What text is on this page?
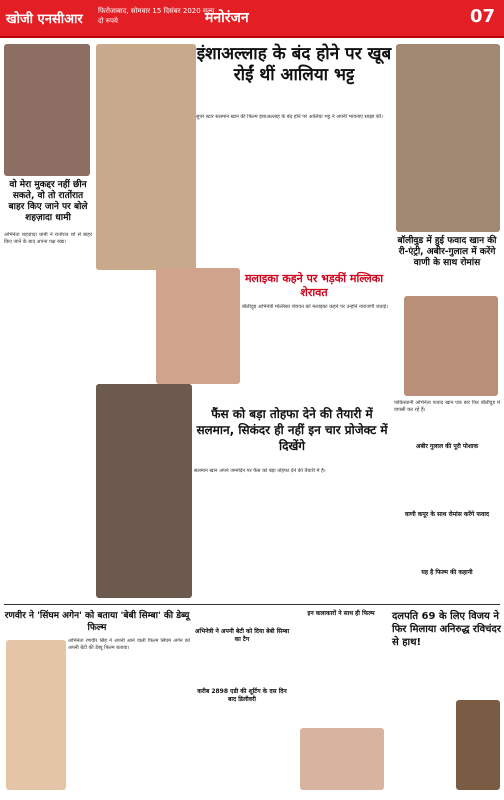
खोजी एनसीआर
फिरोजाबाद, सोमवार 15 दिसंबर 2020 मूल्य दो रुपये	मनोरंजन	07
वो मेरा मुकद्दर नहीं छीन सकते, वो तो रातोंरात बाहर किए जाने पर बोले शहज़ादा धामी
अभिनेता शहज़ादा धामी ने रातोंरात शो से बाहर किए जाने के बाद अपना पक्ष रखा।
इंशाअल्लाह के बंद होने पर खूब रोईं थीं आलिया भट्ट
सुपर स्टार सलमान खान की फिल्म इंशाअल्लाह के बंद होने पर आलिया भट्ट ने अपनी भावनाएं साझा कीं।
बॉलीवुड में हुई फवाद खान की री-एंट्री, अबीर-गुलाल में करेंगे वाणी के साथ रोमांस
पाकिस्तानी अभिनेता फवाद खान एक बार फिर बॉलीवुड में वापसी कर रहे हैं।
अबीर गुलाल की पूरी पोशाक
वाणी कपूर के साथ रोमांस करेंगे फवाद
यह है फिल्म की कहानी
मलाइका कहने पर भड़कीं मल्लिका शेरावत
बॉलीवुड अभिनेत्री मल्लिका शेरावत को मलाइका कहने पर उन्होंने नाराजगी जताई।
फैंस को बड़ा तोहफा देने की तैयारी में सलमान, सिकंदर ही नहीं इन चार प्रोजेक्ट में दिखेंगे
सलमान खान अपने जन्मदिन पर फैंस को बड़ा तोहफा देने की तैयारी में हैं।
रणवीर ने 'सिंघम अगेन' को बताया 'बेबी सिम्बा' की डेब्यू फिल्म
अभिनेता रणवीर सिंह ने अपनी आने वाली फिल्म सिंघम अगेन को अपनी बेटी की डेब्यू फिल्म बताया।
अभिनेत्री ने अपनी बेटी को दिया बेबी सिम्बा का टैग
करीब 2898 एडी की शूटिंग के दस दिन बाद डिलीवरी
इन कलाकारों ने साथ ही फिल्म	दलपति 69 के लिए विजय ने फिर मिलाया अनिरुद्ध रविचंदर से हाथ!
